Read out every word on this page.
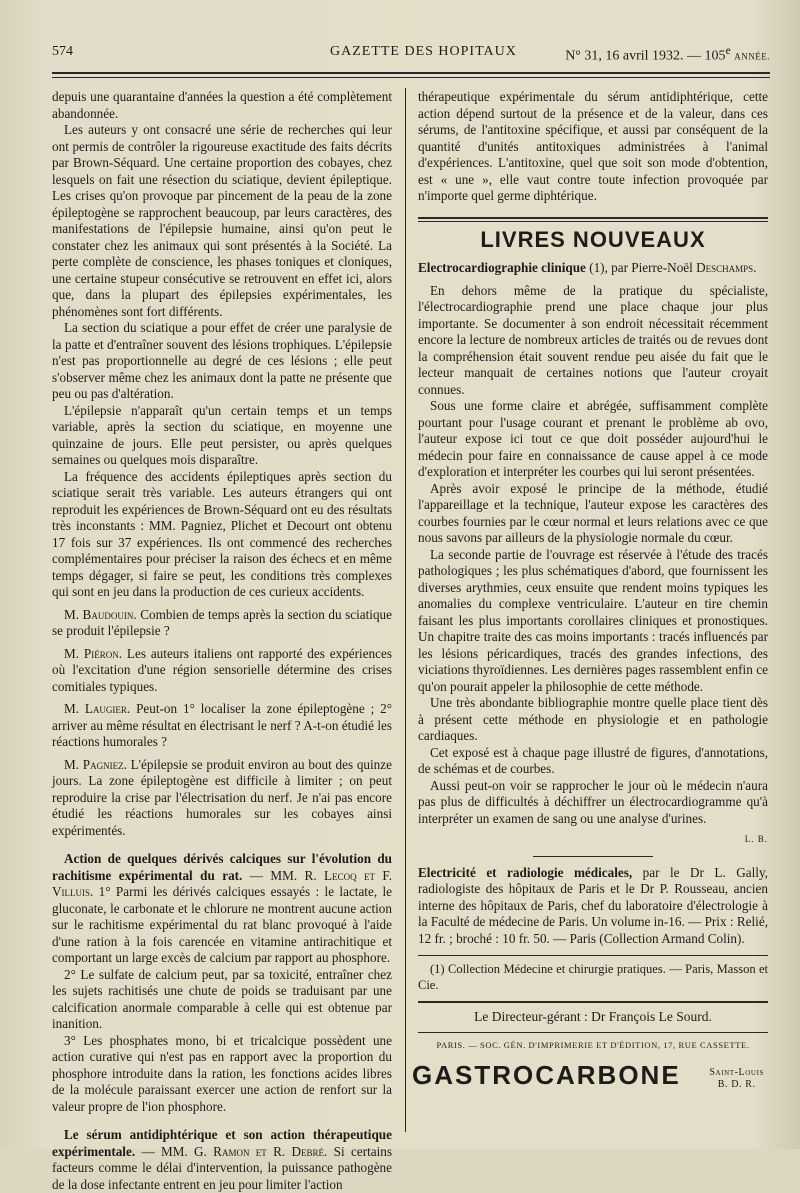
574	GAZETTE DES HOPITAUX	N° 31, 16 avril 1932. — 105e ANNÉE.

depuis une quarantaine d'années la question a été complètement abandonnée.

Les auteurs y ont consacré une série de recherches qui leur ont permis de contrôler la rigoureuse exactitude des faits décrits par Brown-Séquard. Une certaine proportion des cobayes, chez lesquels on fait une résection du sciatique, devient épileptique. Les crises qu'on provoque par pincement de la peau de la zone épileptogène se rapprochent beaucoup, par leurs caractères, des manifestations de l'épilepsie humaine, ainsi qu'on peut le constater chez les animaux qui sont présentés à la Société. La perte complète de conscience, les phases toniques et cloniques, une certaine stupeur consécutive se retrouvent en effet ici, alors que, dans la plupart des épilepsies expérimentales, les phénomènes sont fort différents.

La section du sciatique a pour effet de créer une paralysie de la patte et d'entraîner souvent des lésions trophiques. L'épilepsie n'est pas proportionnelle au degré de ces lésions ; elle peut s'observer même chez les animaux dont la patte ne présente que peu ou pas d'altération.

L'épilepsie n'apparaît qu'un certain temps et un temps variable, après la section du sciatique, en moyenne une quinzaine de jours. Elle peut persister, ou après quelques semaines ou quelques mois disparaître.

La fréquence des accidents épileptiques après section du sciatique serait très variable. Les auteurs étrangers qui ont reproduit les expériences de Brown-Séquard ont eu des résultats très inconstants : MM. Pagniez, Plichet et Decourt ont obtenu 17 fois sur 37 expériences. Ils ont commencé des recherches complémentaires pour préciser la raison des échecs et en même temps dégager, si faire se peut, les conditions très complexes qui sont en jeu dans la production de ces curieux accidents.

M. Baudouin. Combien de temps après la section du sciatique se produit l'épilepsie ?

M. Piéron. Les auteurs italiens ont rapporté des expériences où l'excitation d'une région sensorielle détermine des crises comitiales typiques.

M. Laugier. Peut-on 1° localiser la zone épileptogène ; 2° arriver au même résultat en électrisant le nerf ? A-t-on étudié les réactions humorales ?

M. Pagniez. L'épilepsie se produit environ au bout des quinze jours. La zone épileptogène est difficile à limiter ; on peut reproduire la crise par l'électrisation du nerf. Je n'ai pas encore étudié les réactions humorales sur les cobayes ainsi expérimentés.

Action de quelques dérivés calciques sur l'évolution du rachitisme expérimental du rat. — MM. R. Lecoq et F. Villuis. 1° Parmi les dérivés calciques essayés : le lactate, le gluconate, le carbonate et le chlorure ne montrent aucune action sur le rachitisme expérimental du rat blanc provoqué à l'aide d'une ration à la fois carencée en vitamine antirachitique et comportant un large excès de calcium par rapport au phosphore.

2° Le sulfate de calcium peut, par sa toxicité, entraîner chez les sujets rachitisés une chute de poids se traduisant par une calcification anormale comparable à celle qui est obtenue par inanition.

3° Les phosphates mono, bi et tricalcique possèdent une action curative qui n'est pas en rapport avec la proportion du phosphore introduite dans la ration, les fonctions acides libres de la molécule paraissant exercer une action de renfort sur la valeur propre de l'ion phosphore.

Le sérum antidiphtérique et son action thérapeutique expérimentale. — MM. G. Ramon et R. Debré. Si certains facteurs comme le délai d'intervention, la puissance pathogène de la dose infectante entrent en jeu pour limiter l'action

thérapeutique expérimentale du sérum antidiphtérique, cette action dépend surtout de la présence et de la valeur, dans ces sérums, de l'antitoxine spécifique, et aussi par conséquent de la quantité d'unités antitoxiques administrées à l'animal d'expériences. L'antitoxine, quel que soit son mode d'obtention, est « une », elle vaut contre toute infection provoquée par n'importe quel germe diphtérique.

LIVRES NOUVEAUX

Electrocardiographie clinique (1), par Pierre-Noël Deschamps.

En dehors même de la pratique du spécialiste, l'électrocardiographie prend une place chaque jour plus importante. Se documenter à son endroit nécessitait récemment encore la lecture de nombreux articles de traités ou de revues dont la compréhension était souvent rendue peu aisée du fait que le lecteur manquait de certaines notions que l'auteur croyait connues.

Sous une forme claire et abrégée, suffisamment complète pourtant pour l'usage courant et prenant le problème ab ovo, l'auteur expose ici tout ce que doit posséder aujourd'hui le médecin pour faire en connaissance de cause appel à ce mode d'exploration et interpréter les courbes qui lui seront présentées.

Après avoir exposé le principe de la méthode, étudié l'appareillage et la technique, l'auteur expose les caractères des courbes fournies par le cœur normal et leurs relations avec ce que nous savons par ailleurs de la physiologie normale du cœur.

La seconde partie de l'ouvrage est réservée à l'étude des tracés pathologiques ; les plus schématiques d'abord, que fournissent les diverses arythmies, ceux ensuite que rendent moins typiques les anomalies du complexe ventriculaire. L'auteur en tire chemin faisant les plus importants corollaires cliniques et pronostiques. Un chapitre traite des cas moins importants : tracés influencés par les lésions péricardiques, tracés des grandes infections, des viciations thyroïdiennes. Les dernières pages rassemblent enfin ce qu'on pourait appeler la philosophie de cette méthode.

Une très abondante bibliographie montre quelle place tient dès à présent cette méthode en physiologie et en pathologie cardiaques.

Cet exposé est à chaque page illustré de figures, d'annotations, de schémas et de courbes.

Aussi peut-on voir se rapprocher le jour où le médecin n'aura pas plus de difficultés à déchiffrer un électrocardiogramme qu'à interpréter un examen de sang ou une analyse d'urines.

L. B.

Electricité et radiologie médicales, par le Dr L. Gally, radiologiste des hôpitaux de Paris et le Dr P. Rousseau, ancien interne des hôpitaux de Paris, chef du laboratoire d'électrologie à la Faculté de médecine de Paris. Un volume in-16. — Prix : Relié, 12 fr. ; broché : 10 fr. 50. — Paris (Collection Armand Colin).

(1) Collection Médecine et chirurgie pratiques. — Paris, Masson et Cie.

Le Directeur-gérant : Dr François Le Sourd.
PARIS. — SOC. GÉN. D'IMPRIMERIE ET D'ÉDITION, 17, RUE CASSETTE.
GASTROCARBONE	Saint-Louis
B. D. R.
